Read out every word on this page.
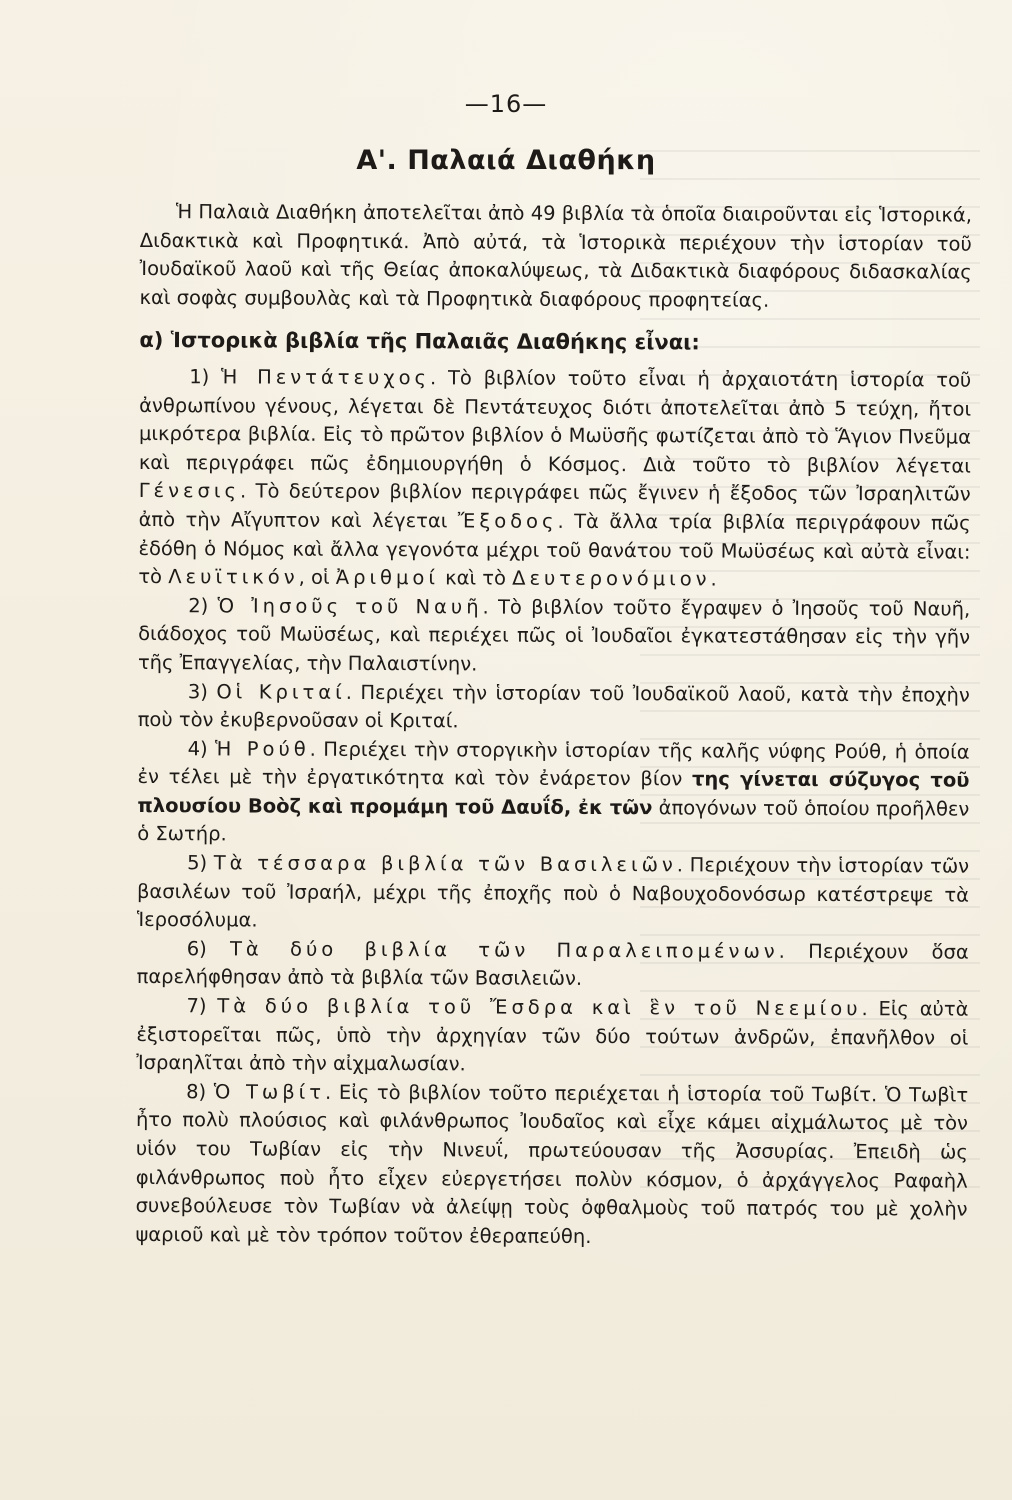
—16—
Α'. Παλαιά Διαθήκη

Ἡ Παλαιὰ Διαθήκη ἀποτελεῖται ἀπὸ 49 βιβλία τὰ ὁποῖα διαιροῦνται εἰς Ἱστορικά, Διδακτικὰ καὶ Προφητικά. Ἀπὸ αὐτά, τὰ Ἱστορικὰ περιέχουν τὴν ἱστορίαν τοῦ Ἰουδαϊκοῦ λαοῦ καὶ τῆς Θείας ἀποκαλύψεως, τὰ Διδακτικὰ διαφόρους διδασκαλίας καὶ σοφὰς συμβουλὰς καὶ τὰ Προφητικὰ διαφόρους προφητείας.

α) Ἱστορικὰ βιβλία τῆς Παλαιᾶς Διαθήκης εἶναι:

1) Ἡ Πεντάτευχος. Τὸ βιβλίον τοῦτο εἶναι ἡ ἀρχαιοτάτη ἱστορία τοῦ ἀνθρωπίνου γένους, λέγεται δὲ Πεντάτευχος διότι ἀποτελεῖται ἀπὸ 5 τεύχη, ἤτοι μικρότερα βιβλία. Εἰς τὸ πρῶτον βιβλίον ὁ Μωϋσῆς φωτίζεται ἀπὸ τὸ Ἅγιον Πνεῦμα καὶ περιγράφει πῶς ἐδημιουργήθη ὁ Κόσμος. Διὰ τοῦτο τὸ βιβλίον λέγεται Γένεσις. Τὸ δεύτερον βιβλίον περιγράφει πῶς ἔγινεν ἡ ἔξοδος τῶν Ἰσραηλιτῶν ἀπὸ τὴν Αἴγυπτον καὶ λέγεται Ἔξοδος. Τὰ ἄλλα τρία βιβλία περιγράφουν πῶς ἐδόθη ὁ Νόμος καὶ ἄλλα γεγονότα μέχρι τοῦ θανάτου τοῦ Μωϋσέως καὶ αὐτὰ εἶναι: τὸ Λευϊτικόν, οἱ Ἀριθμοί καὶ τὸ Δευτερονόμιον.

2) Ὁ Ἰησοῦς τοῦ Ναυῆ. Τὸ βιβλίον τοῦτο ἔγραψεν ὁ Ἰησοῦς τοῦ Ναυῆ, διάδοχος τοῦ Μωϋσέως, καὶ περιέχει πῶς οἱ Ἰουδαῖοι ἐγκατεστάθησαν εἰς τὴν γῆν τῆς Ἐπαγγελίας, τὴν Παλαιστίνην.

3) Οἱ Κριταί. Περιέχει τὴν ἱστορίαν τοῦ Ἰουδαϊκοῦ λαοῦ, κατὰ τὴν ἐποχὴν ποὺ τὸν ἐκυβερνοῦσαν οἱ Κριταί.

4) Ἡ Ρούθ. Περιέχει τὴν στοργικὴν ἱστορίαν τῆς καλῆς νύφης Ρούθ, ἡ ὁποία ἐν τέλει μὲ τὴν ἐργατικότητα καὶ τὸν ἐνάρετον βίον της γίνεται σύζυγος τοῦ πλουσίου Βοὸζ καὶ προμάμη τοῦ Δαυΐδ, ἐκ τῶν ἀπογόνων τοῦ ὁποίου προῆλθεν ὁ Σωτήρ.

5) Τὰ τέσσαρα βιβλία τῶν Βασιλειῶν. Περιέχουν τὴν ἱστορίαν τῶν βασιλέων τοῦ Ἰσραήλ, μέχρι τῆς ἐποχῆς ποὺ ὁ Ναβουχοδονόσωρ κατέστρεψε τὰ Ἱεροσόλυμα.

6) Τὰ δύο βιβλία τῶν Παραλειπομένων. Περιέχουν ὅσα παρελήφθησαν ἀπὸ τὰ βιβλία τῶν Βασιλειῶν.

7) Τὰ δύο βιβλία τοῦ Ἔσδρα καὶ ἓν τοῦ Νεεμίου. Εἰς αὐτὰ ἐξιστορεῖται πῶς, ὑπὸ τὴν ἀρχηγίαν τῶν δύο τούτων ἀνδρῶν, ἐπανῆλθον οἱ Ἰσραηλῖται ἀπὸ τὴν αἰχμαλωσίαν.

8) Ὁ Τωβίτ. Εἰς τὸ βιβλίον τοῦτο περιέχεται ἡ ἱστορία τοῦ Τωβίτ. Ὁ Τωβὶτ ἦτο πολὺ πλούσιος καὶ φιλάνθρωπος Ἰουδαῖος καὶ εἶχε κάμει αἰχμάλωτος μὲ τὸν υἱόν του Τωβίαν εἰς τὴν Νινευΐ, πρωτεύουσαν τῆς Ἀσσυρίας. Ἐπειδὴ ὡς φιλάνθρωπος ποὺ ἦτο εἶχεν εὐεργετήσει πολὺν κόσμον, ὁ ἀρχάγγελος Ραφαὴλ συνεβούλευσε τὸν Τωβίαν νὰ ἀλείψῃ τοὺς ὀφθαλμοὺς τοῦ πατρός του μὲ χολὴν ψαριοῦ καὶ μὲ τὸν τρόπον τοῦτον ἐθεραπεύθη.
